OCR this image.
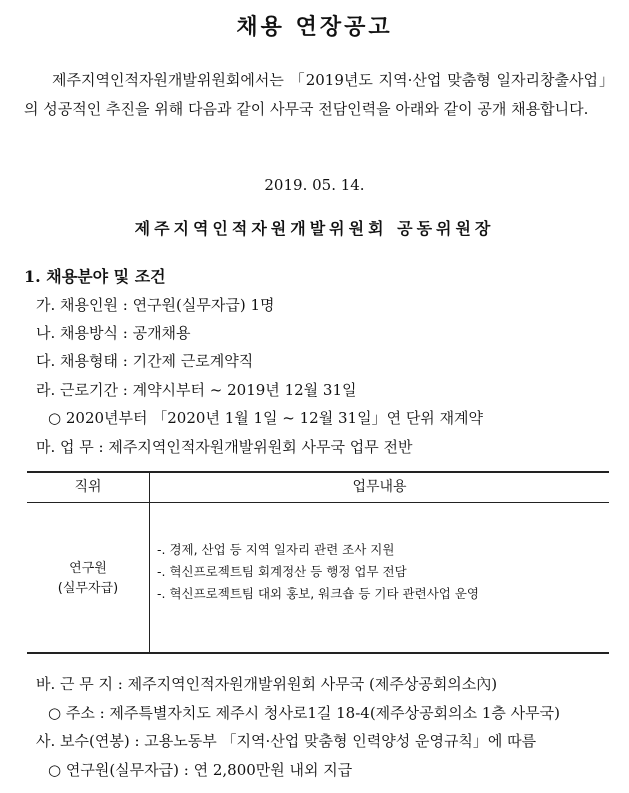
채용 연장공고
제주지역인적자원개발위원회에서는 「2019년도 지역·산업 맞춤형 일자리창출사업」의 성공적인 추진을 위해 다음과 같이 사무국 전담인력을 아래와 같이 공개 채용합니다.
2019. 05. 14.
제주지역인적자원개발위원회 공동위원장
1. 채용분야 및 조건
가. 채용인원 : 연구원(실무자급) 1명
나. 채용방식 : 공개채용
다. 채용형태 : 기간제 근로계약직
라. 근로기간 : 계약시부터 ~ 2019년 12월 31일
○ 2020년부터 「2020년 1월 1일 ~ 12월 31일」연 단위 재계약
마. 업 무 : 제주지역인적자원개발위원회 사무국 업무 전반
직위	업무내용
연구원
(실무자급)
-. 경제, 산업 등 지역 일자리 관련 조사 지원
-. 혁신프로젝트팀 회계정산 등 행정 업무 전담
-. 혁신프로젝트팀 대외 홍보, 워크숍 등 기타 관련사업 운영
바. 근 무 지 : 제주지역인적자원개발위원회 사무국 (제주상공회의소內)
○ 주소 : 제주특별자치도 제주시 청사로1길 18-4(제주상공회의소 1층 사무국)
사. 보수(연봉) : 고용노동부 「지역·산업 맞춤형 인력양성 운영규칙」에 따름
○ 연구원(실무자급) : 연 2,800만원 내외 지급
